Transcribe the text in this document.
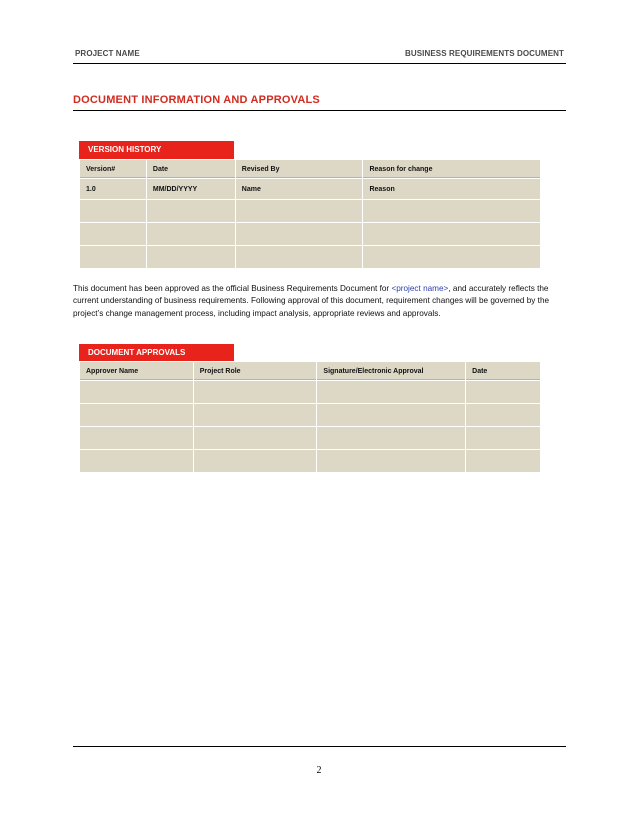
PROJECT NAME	BUSINESS REQUIREMENTS DOCUMENT
DOCUMENT INFORMATION AND APPROVALS
VERSION HISTORY
Version#	Date	Revised By	Reason for change
1.0	MM/DD/YYYY	Name	Reason

This document has been approved as the official Business Requirements Document for <project name>, and accurately reflects the current understanding of business requirements. Following approval of this document, requirement changes will be governed by the project’s change management process, including impact analysis, appropriate reviews and approvals.
DOCUMENT APPROVALS
Approver Name	Project Role	Signature/Electronic Approval	Date

2
